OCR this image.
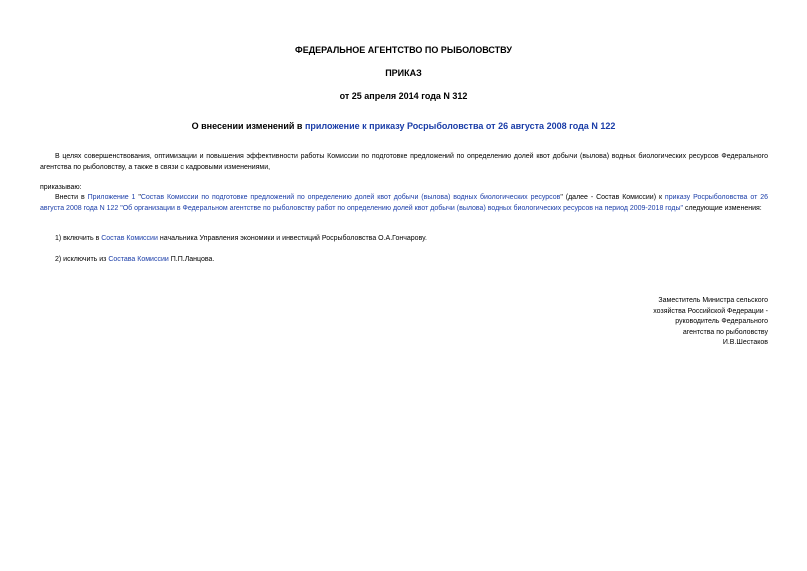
ФЕДЕРАЛЬНОЕ АГЕНТСТВО ПО РЫБОЛОВСТВУ
ПРИКАЗ
от 25 апреля 2014 года N 312
О внесении изменений в приложение к приказу Росрыболовства от 26 августа 2008 года N 122
В целях совершенствования, оптимизации и повышения эффективности работы Комиссии по подготовке предложений по определению долей квот добычи (вылова) водных биологических ресурсов Федерального агентства по рыболовству, а также в связи с кадровыми изменениями,
приказываю:
Внести в Приложение 1 "Состав Комиссии по подготовке предложений по определению долей квот добычи (вылова) водных биологических ресурсов" (далее - Состав Комиссии) к приказу Росрыболовства от 26 августа 2008 года N 122 "Об организации в Федеральном агентстве по рыболовству работ по определению долей квот добычи (вылова) водных биологических ресурсов на период 2009-2018 годы" следующие изменения:
1) включить в Состав Комиссии начальника Управления экономики и инвестиций Росрыболовства О.А.Гончарову.
2) исключить из Состава Комиссии П.П.Ланцова.
Заместитель Министра сельского
хозяйства Российской Федерации -
руководитель Федерального
агентства по рыболовству
И.В.Шестаков
